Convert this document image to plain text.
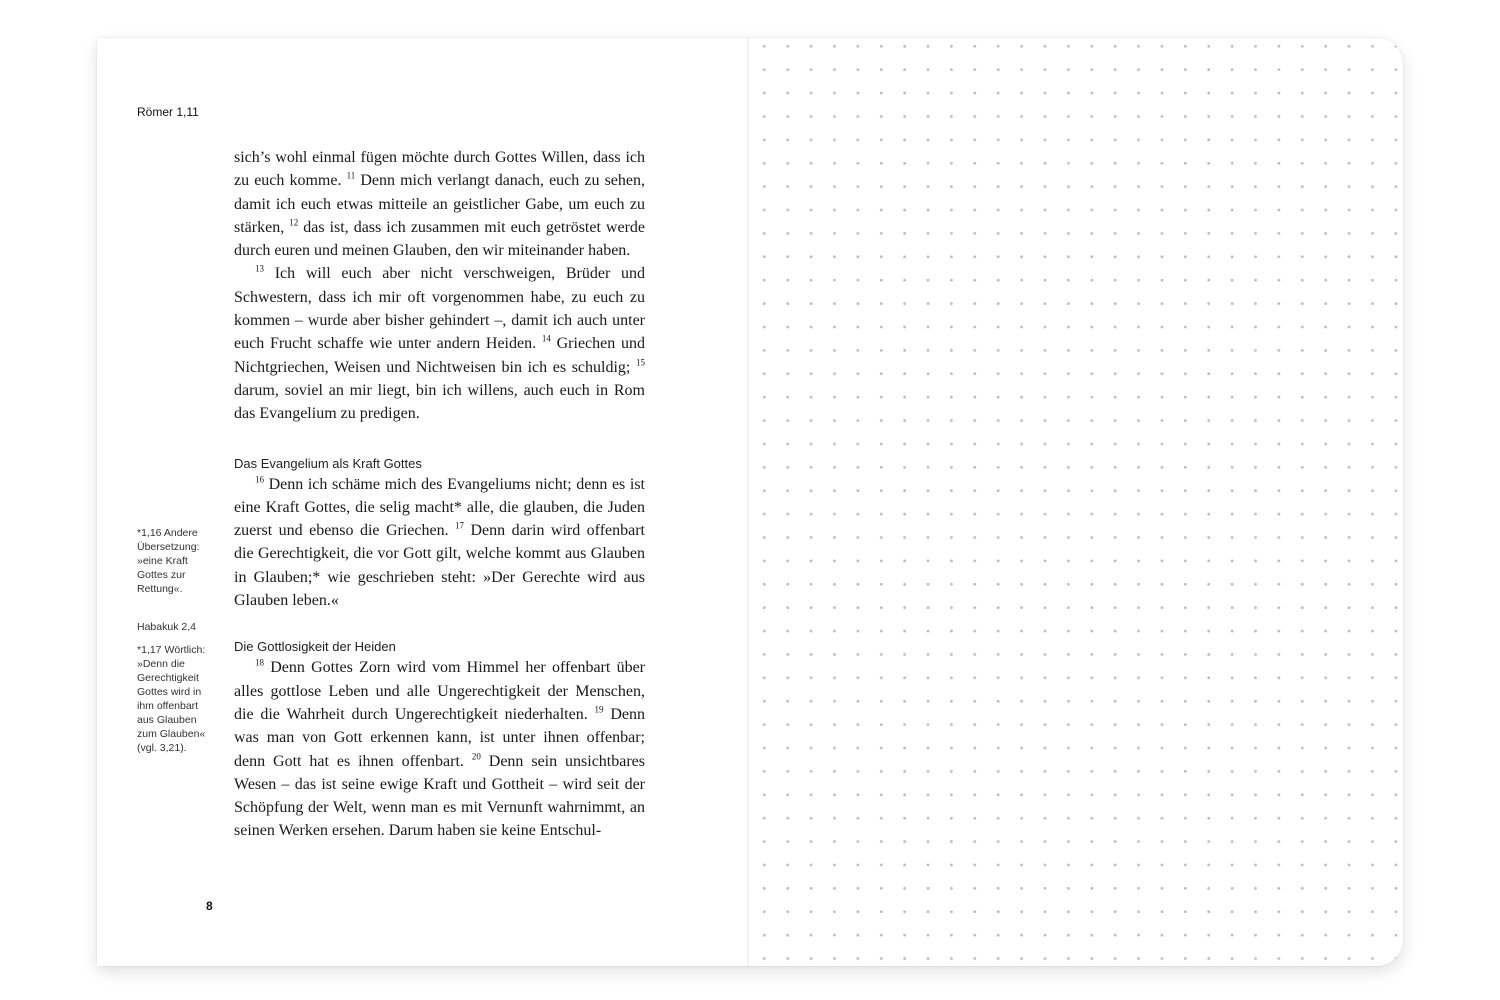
Römer 1,11

sich’s wohl einmal fügen möchte durch Gottes Willen, dass ich zu euch komme. $^{11}$ Denn mich verlangt danach, euch zu sehen, damit ich euch etwas mitteile an geistlicher Gabe, um euch zu stärken, $^{12}$ das ist, dass ich zusammen mit euch getröstet werde durch euren und meinen Glauben, den wir miteinander haben.

$^{13}$ Ich will euch aber nicht verschweigen, Brüder und Schwestern, dass ich mir oft vorgenommen habe, zu euch zu kommen – wurde aber bisher gehindert –, damit ich auch unter euch Frucht schaffe wie unter andern Heiden. $^{14}$ Griechen und Nichtgriechen, Weisen und Nichtweisen bin ich es schuldig; $^{15}$ darum, soviel an mir liegt, bin ich willens, auch euch in Rom das Evangelium zu predigen.

Das Evangelium als Kraft Gottes

$^{16}$ Denn ich schäme mich des Evangeliums nicht; denn es ist eine Kraft Gottes, die selig macht* alle, die glauben, die Juden zuerst und ebenso die Griechen. $^{17}$ Denn darin wird offenbart die Gerechtigkeit, die vor Gott gilt, welche kommt aus Glauben in Glauben;* wie geschrieben steht: »Der Gerechte wird aus Glauben leben.«

Die Gottlosigkeit der Heiden

$^{18}$ Denn Gottes Zorn wird vom Himmel her offenbart über alles gottlose Leben und alle Ungerechtigkeit der Menschen, die die Wahrheit durch Ungerechtigkeit niederhalten. $^{19}$ Denn was man von Gott erkennen kann, ist unter ihnen offenbar; denn Gott hat es ihnen offenbart. $^{20}$ Denn sein unsichtbares Wesen – das ist seine ewige Kraft und Gottheit – wird seit der Schöpfung der Welt, wenn man es mit Vernunft wahrnimmt, an seinen Werken ersehen. Darum haben sie keine Entschul-

*1,16 Andere Übersetzung: »eine Kraft Gottes zur Rettung«.
Habakuk 2,4
*1,17 Wörtlich: »Denn die Gerechtigkeit Gottes wird in ihm offenbart aus Glauben zum Glauben« (vgl. 3,21).
8
